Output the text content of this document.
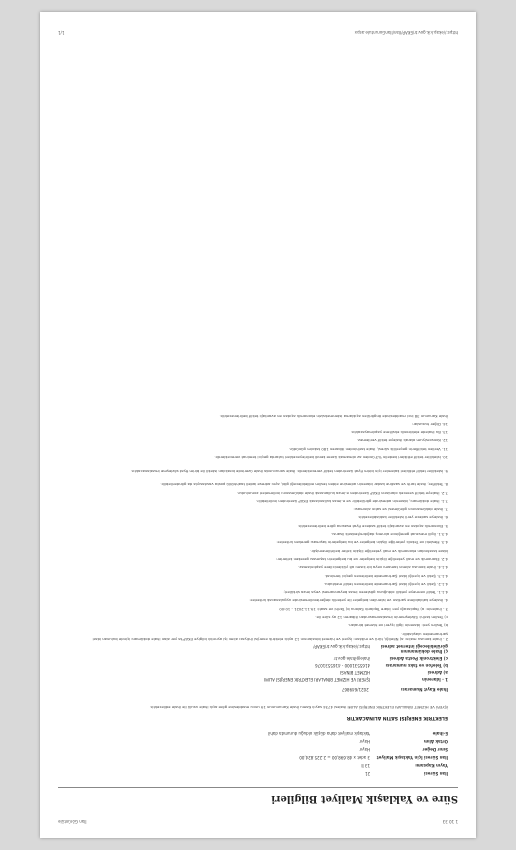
1 10 33
İlan Görüntüle
Süre ve Yaklaşık Maliyet Bilgileri
İlan Süresi21
Yayın Kapsamı13 İl
İlan Süresi İçin Yaklaşık Maliyet3 adet x 48.698,00 = 2.225.824,00
Sınır DeğerHayır
Ortak AlımHayır
E-ihaleYaklaşık maliyet daha düşük olduğu durumda dahil
ELEKTRİK ENERJİSİ SATIN ALINACAKTIR
İŞYERİ VE HİZMET BİNALARI ELEKTRİK ENERJİSİ ALIMI ihalesi 4734 sayılı Kamu İhale Kanununun 19 uncu maddesine göre açık ihale usulü ile ihale edilecektir.
İhale Kayıt Numarası 2021/649867
1 - İdareninİŞYERİ VE HİZMET BİNALARI ELEKTRİK ENERJİSİ ALIMI
a) AdresiHİZMET BİNASI
b) Telefon ve faks numarası4165531000 - 4165531076
c) Elektronik Posta Adresiihale@ihale.gov.tr
ç) İhale dokümanının görülebileceği internet adresihttps://ekap.kik.gov.tr/EKAP/
2 - İhale konusu malın: a) Niteliği, türü ve miktarı: İşyeri ve hizmet binalarının 12 aylık elektrik enerjisi ihtiyacı alımı işi ayrıntılı bilgiye EKAP'ta yer alan ihale dokümanı içinde bulunan idari şartnameden ulaşılabilir.
b) Teslim yeri: İdarenin ilgili işyeri ve hizmet binaları.
c) Teslim tarihi: Sözleşmenin imzalanmasından itibaren 12 ay süre ile.
3 - İhalenin: a) Yapılacağı yer: İdare Toplantı Salonu b) Tarihi ve saati: 19.11.2021 - 10:00
4. İhaleye katılabilme şartları ve istenilen belgeler ile yeterlik değerlendirmesinde uygulanacak kriterler:
4.1.1. Teklif vermeye yetkili olduğunu gösteren imza beyannamesi veya imza sirküleri;
4.1.2. Şekli ve içeriği İdari Şartnamede belirlenen teklif mektubu.
4.1.3. Şekli ve içeriği İdari Şartnamede belirlenen geçici teminat.
4.1.4. İhale konusu alımın tamamı veya bir kısmı alt yüklenicilere yaptırılamaz.
4.2. Ekonomik ve mali yeterliğe ilişkin belgeler ve bu belgelerin taşıması gereken kriterler:
İdare tarafından ekonomik ve mali yeterliğe ilişkin kriter belirtilmemiştir.
4.3. Mesleki ve Teknik yeterliğe ilişkin belgeler ve bu belgelerin taşıması gereken kriterler:
4.3.1. İlgili mevzuat gereğince alınmış dağıtım/tedarik lisansı.
5. Ekonomik açıdan en avantajlı teklif sadece fiyat esasına göre belirlenecektir.
6. İhaleye sadece yerli istekliler katılabilecektir.
7. İhale dokümanının görülmesi ve satın alınması:
7.1. İhale dokümanı, idarenin adresinde görülebilir ve e-imza kullanılarak EKAP üzerinden indirilebilir.
7.2. İhaleye teklif verecek olanların EKAP üzerinden e-imza kullanarak ihale dokümanını indirmeleri zorunludur.
8. Teklifler, ihale tarih ve saatine kadar idarenin adresine elden teslim edilebileceği gibi, aynı adrese iadeli taahhütlü posta vasıtasıyla da gönderilebilir.
9. İstekliler teklif ettikleri kalemler için birim fiyat üzerinden teklif vereceklerdir. İhale sonucunda ihale üzerinde bırakılan istekli ile birim fiyat sözleşme imzalanacaktır.
10. İstekliler teklif ettikleri bedelin %3'ünden az olmamak üzere kendi belirleyecekleri tutarda geçici teminat vereceklerdir.
11. Verilen tekliflerin geçerlilik süresi, ihale tarihinden itibaren 180 takvim günüdür.
12. Konsorsiyum olarak ihaleye teklif verilemez.
13. Bu ihalede elektronik eksiltme yapılmayacaktır.
14. Diğer hususlar:
İhale Kanunun 38 inci maddesinde öngörülen açıklama istenmeksizin ekonomik açıdan en avantajlı teklif belirlenecektir.
https://ekap.kik.gov.tr/EKAP/Ilan/IlanGoruntule.aspx
1/1
